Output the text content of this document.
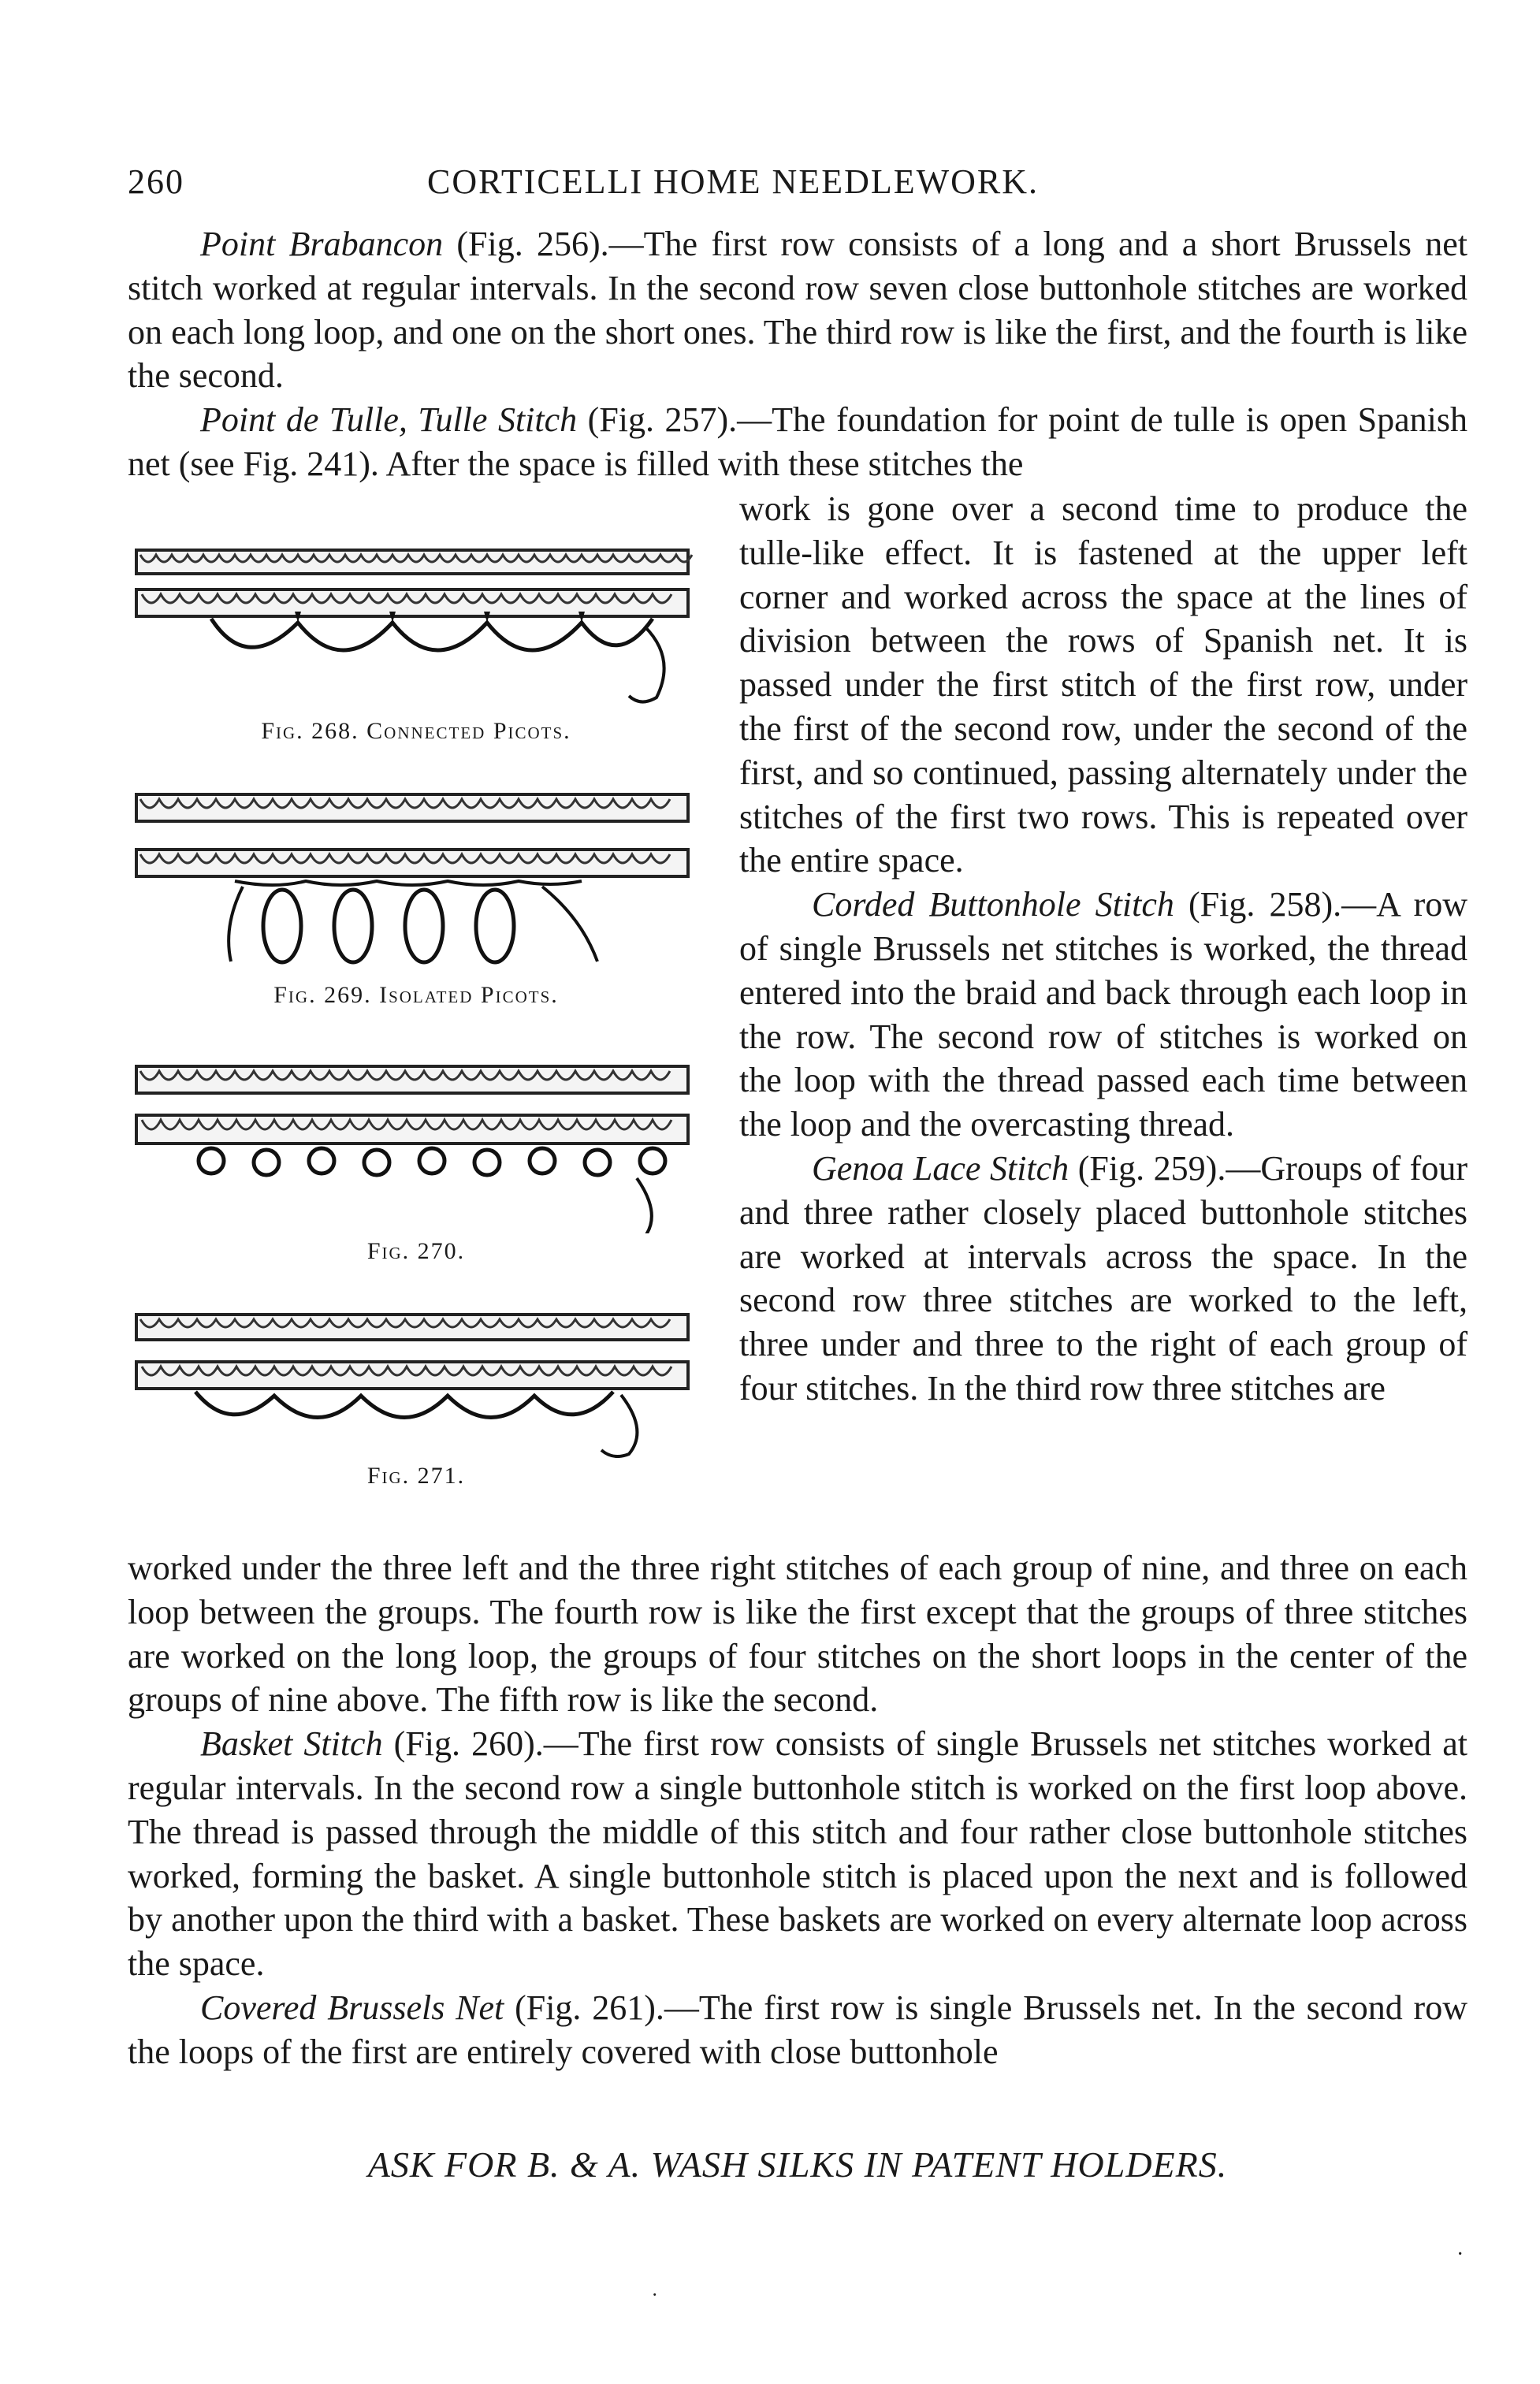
260	CORTICELLI HOME NEEDLEWORK.

Point Brabancon (Fig. 256).—The first row consists of a long and a short Brussels net stitch worked at regular intervals. In the second row seven close buttonhole stitches are worked on each long loop, and one on the short ones. The third row is like the first, and the fourth is like the second.

Point de Tulle, Tulle Stitch (Fig. 257).—The foundation for point de tulle is open Spanish net (see Fig. 241). After the space is filled with these stitches the

work is gone over a second time to produce the tulle-like effect. It is fastened at the upper left corner and worked across the space at the lines of division between the rows of Spanish net. It is passed under the first stitch of the first row, under the first of the second row, under the second of the first, and so continued, passing alternately under the stitches of the first two rows. This is repeated over the entire space.

Corded Buttonhole Stitch (Fig. 258).—A row of single Brussels net stitches is worked, the thread entered into the braid and back through each loop in the row. The second row of stitches is worked on the loop with the thread passed each time between the loop and the overcasting thread.

Genoa Lace Stitch (Fig. 259).—Groups of four and three rather closely placed buttonhole stitches are worked at intervals across the space. In the second row three stitches are worked to the left, three under and three to the right of each group of four stitches. In the third row three stitches are

worked under the three left and the three right stitches of each group of nine, and three on each loop between the groups. The fourth row is like the first except that the groups of three stitches are worked on the long loop, the groups of four stitches on the short loops in the center of the groups of nine above. The fifth row is like the second.

Basket Stitch (Fig. 260).—The first row consists of single Brussels net stitches worked at regular intervals. In the second row a single buttonhole stitch is worked on the first loop above. The thread is passed through the middle of this stitch and four rather close buttonhole stitches worked, forming the basket. A single buttonhole stitch is placed upon the next and is followed by another upon the third with a basket. These baskets are worked on every alternate loop across the space.

Covered Brussels Net (Fig. 261).—The first row is single Brussels net. In the second row the loops of the first are entirely covered with close buttonhole

Fig. 268. Connected Picots.
Fig. 269. Isolated Picots.
Fig. 270.
Fig. 271.
ASK FOR B. & A. WASH SILKS IN PATENT HOLDERS.
˙
·
